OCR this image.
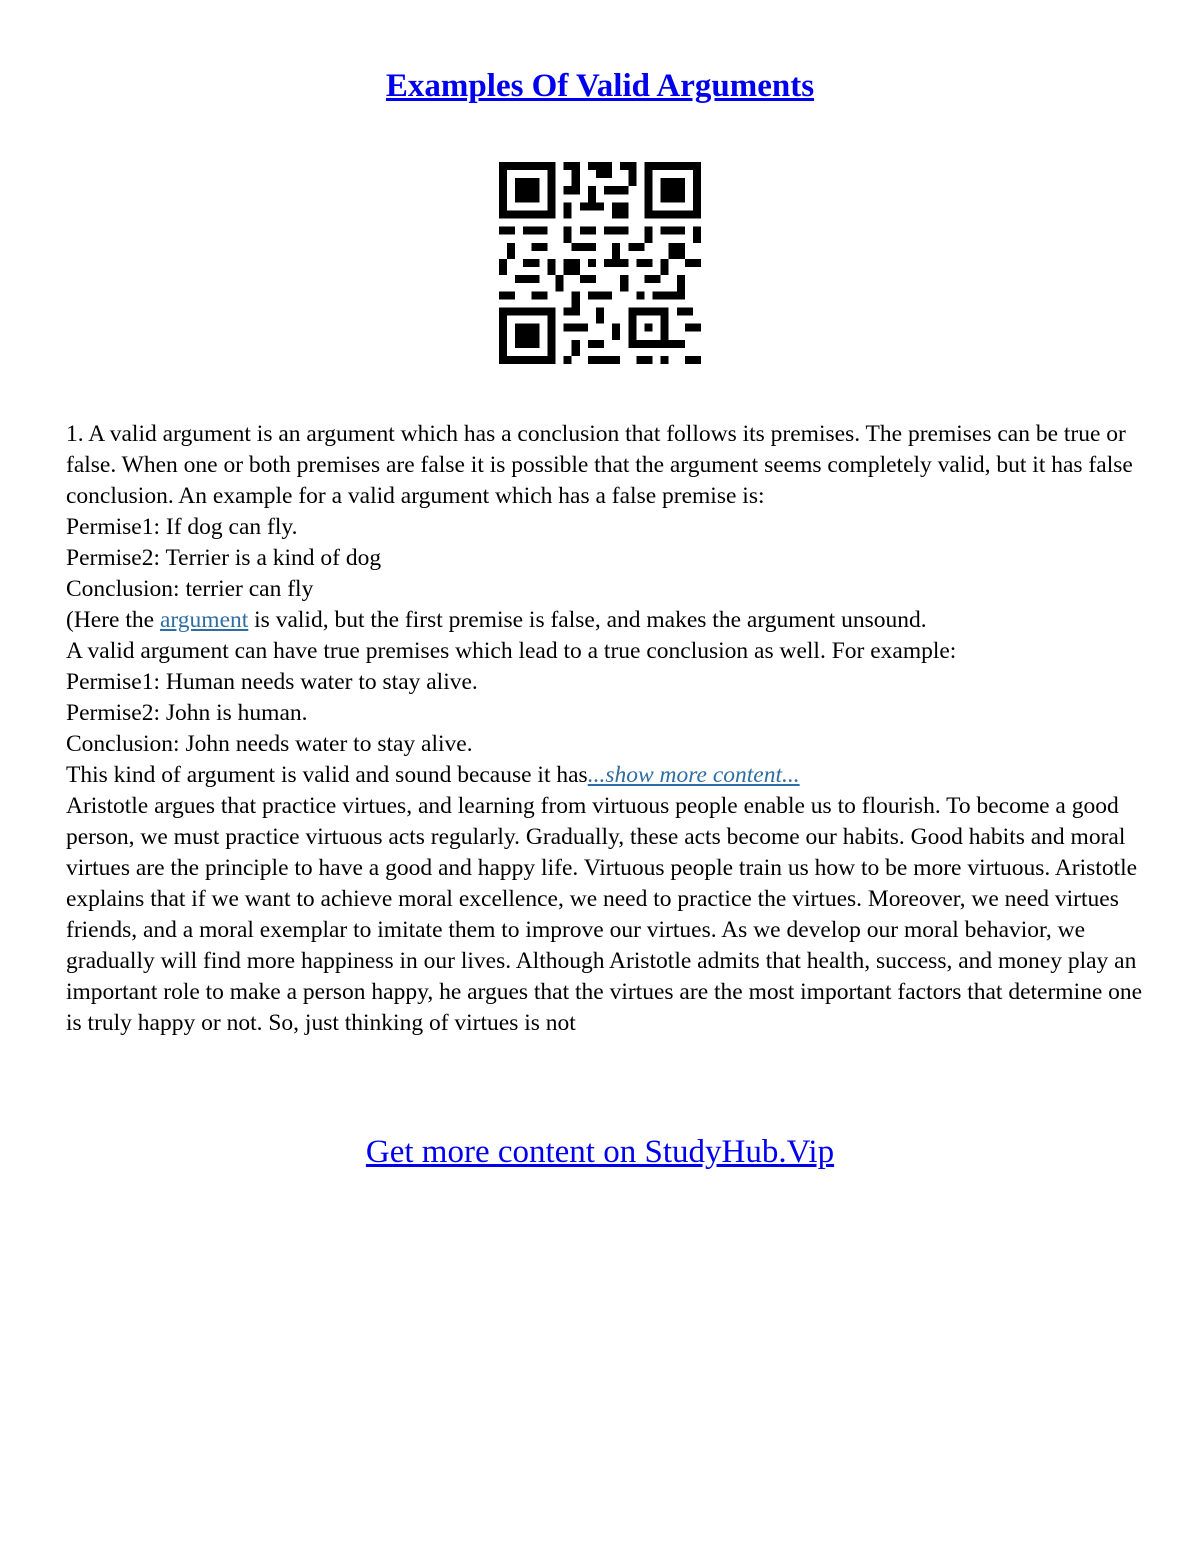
Examples Of Valid Arguments

1. A valid argument is an argument which has a conclusion that follows its premises. The premises can be true or false. When one or both premises are false it is possible that the argument seems completely valid, but it has false conclusion. An example for a valid argument which has a false premise is:

Permise1: If dog can fly.

Permise2: Terrier is a kind of dog

Conclusion: terrier can fly

(Here the argument is valid, but the first premise is false, and makes the argument unsound.

A valid argument can have true premises which lead to a true conclusion as well. For example:

Permise1: Human needs water to stay alive.

Permise2: John is human.

Conclusion: John needs water to stay alive.

This kind of argument is valid and sound because it has...show more content...

Aristotle argues that practice virtues, and learning from virtuous people enable us to flourish. To become a good person, we must practice virtuous acts regularly. Gradually, these acts become our habits. Good habits and moral virtues are the principle to have a good and happy life. Virtuous people train us how to be more virtuous. Aristotle explains that if we want to achieve moral excellence, we need to practice the virtues. Moreover, we need virtues friends, and a moral exemplar to imitate them to improve our virtues. As we develop our moral behavior, we gradually will find more happiness in our lives. Although Aristotle admits that health, success, and money play an important role to make a person happy, he argues that the virtues are the most important factors that determine one is truly happy or not. So, just thinking of virtues is not

Get more content on StudyHub.Vip
